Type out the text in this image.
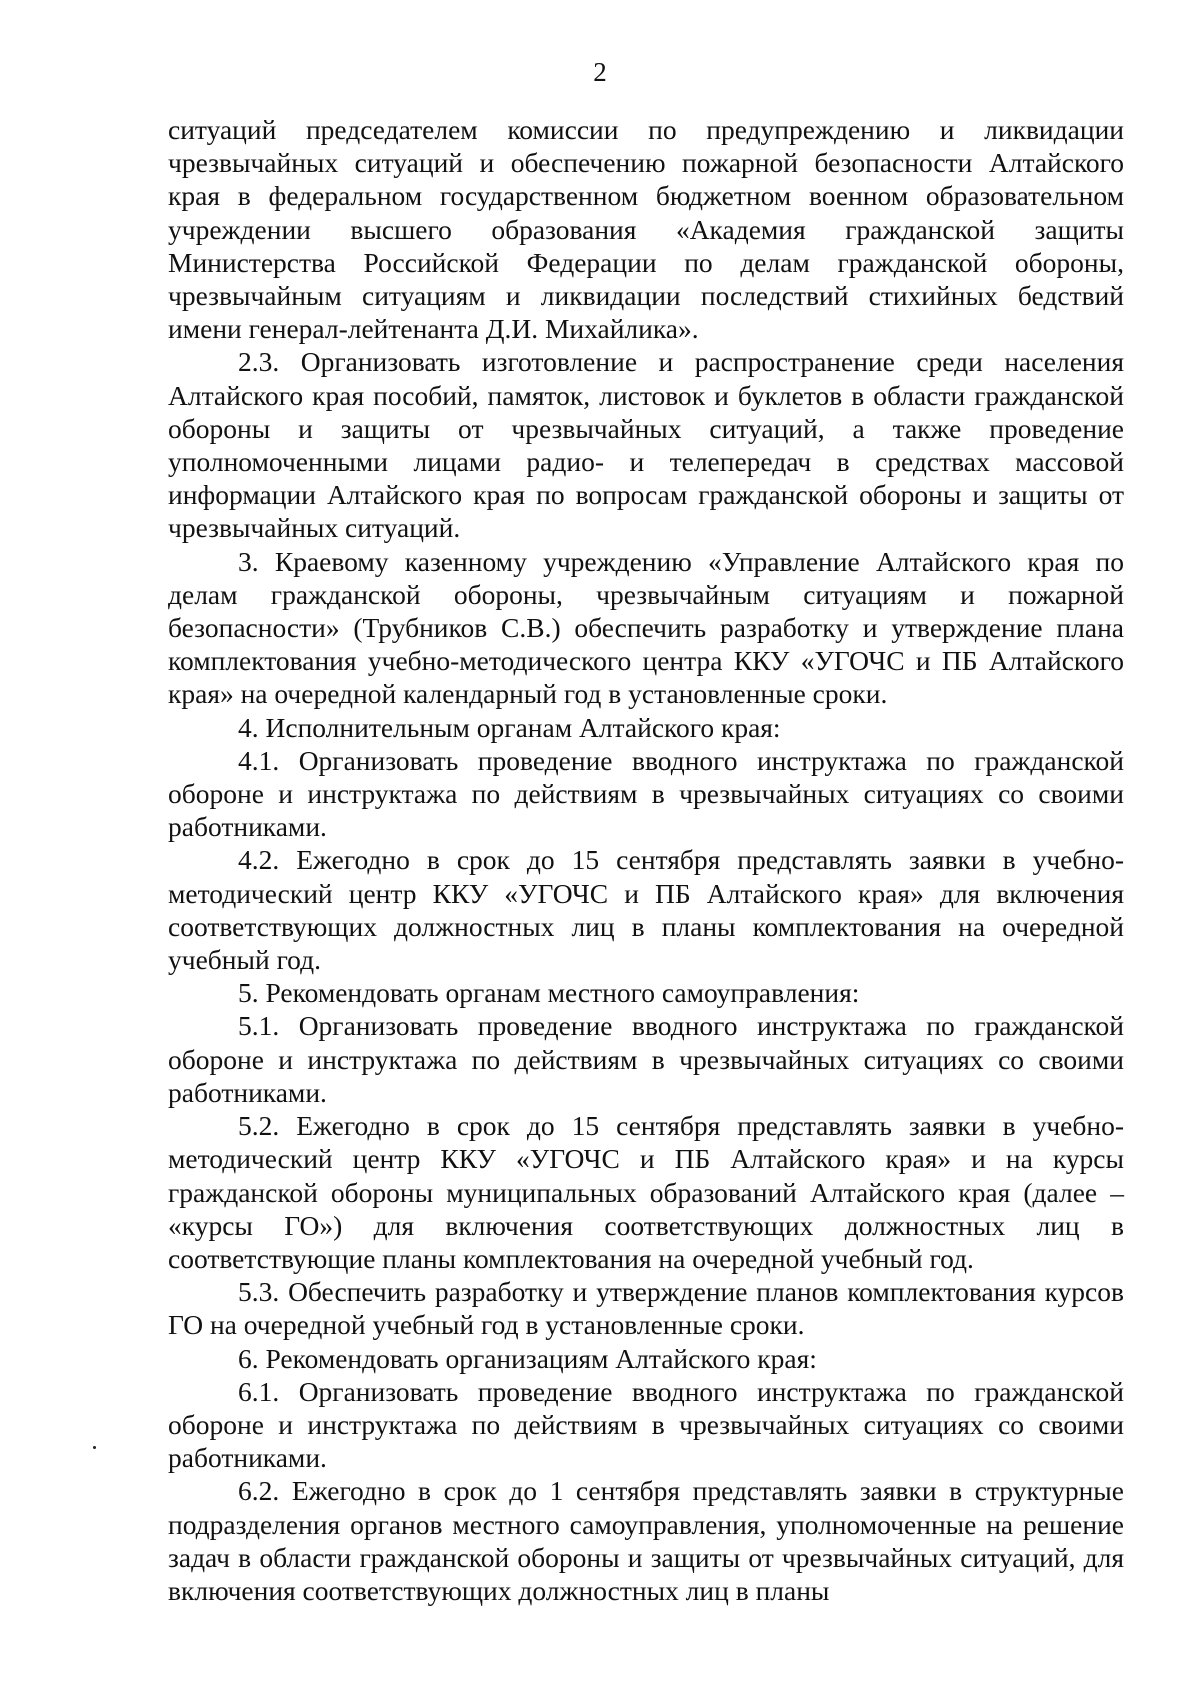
2

ситуаций председателем комиссии по предупреждению и ликвидации чрезвычайных ситуаций и обеспечению пожарной безопасности Алтайского края в федеральном государственном бюджетном военном образовательном учреждении высшего образования «Академия гражданской защиты Министерства Российской Федерации по делам гражданской обороны, чрезвычайным ситуациям и ликвидации последствий стихийных бедствий имени генерал-лейтенанта Д.И. Михайлика».

2.3. Организовать изготовление и распространение среди населения Алтайского края пособий, памяток, листовок и буклетов в области гражданской обороны и защиты от чрезвычайных ситуаций, а также проведение уполномоченными лицами радио- и телепередач в средствах массовой информации Алтайского края по вопросам гражданской обороны и защиты от чрезвычайных ситуаций.

3. Краевому казенному учреждению «Управление Алтайского края по делам гражданской обороны, чрезвычайным ситуациям и пожарной безопасности» (Трубников С.В.) обеспечить разработку и утверждение плана комплектования учебно-методического центра ККУ «УГОЧС и ПБ Алтайского края» на очередной календарный год в установленные сроки.

4. Исполнительным органам Алтайского края:

4.1. Организовать проведение вводного инструктажа по гражданской обороне и инструктажа по действиям в чрезвычайных ситуациях со своими работниками.

4.2. Ежегодно в срок до 15 сентября представлять заявки в учебно-методический центр ККУ «УГОЧС и ПБ Алтайского края» для включения соответствующих должностных лиц в планы комплектования на очередной учебный год.

5. Рекомендовать органам местного самоуправления:

5.1. Организовать проведение вводного инструктажа по гражданской обороне и инструктажа по действиям в чрезвычайных ситуациях со своими работниками.

5.2. Ежегодно в срок до 15 сентября представлять заявки в учебно-методический центр ККУ «УГОЧС и ПБ Алтайского края» и на курсы гражданской обороны муниципальных образований Алтайского края (далее – «курсы ГО») для включения соответствующих должностных лиц в соответствующие планы комплектования на очередной учебный год.

5.3. Обеспечить разработку и утверждение планов комплектования курсов ГО на очередной учебный год в установленные сроки.

6. Рекомендовать организациям Алтайского края:

6.1. Организовать проведение вводного инструктажа по гражданской обороне и инструктажа по действиям в чрезвычайных ситуациях со своими работниками.

6.2. Ежегодно в срок до 1 сентября представлять заявки в структурные подразделения органов местного самоуправления, уполномоченные на решение задач в области гражданской обороны и защиты от чрезвычайных ситуаций, для включения соответствующих должностных лиц в планы
